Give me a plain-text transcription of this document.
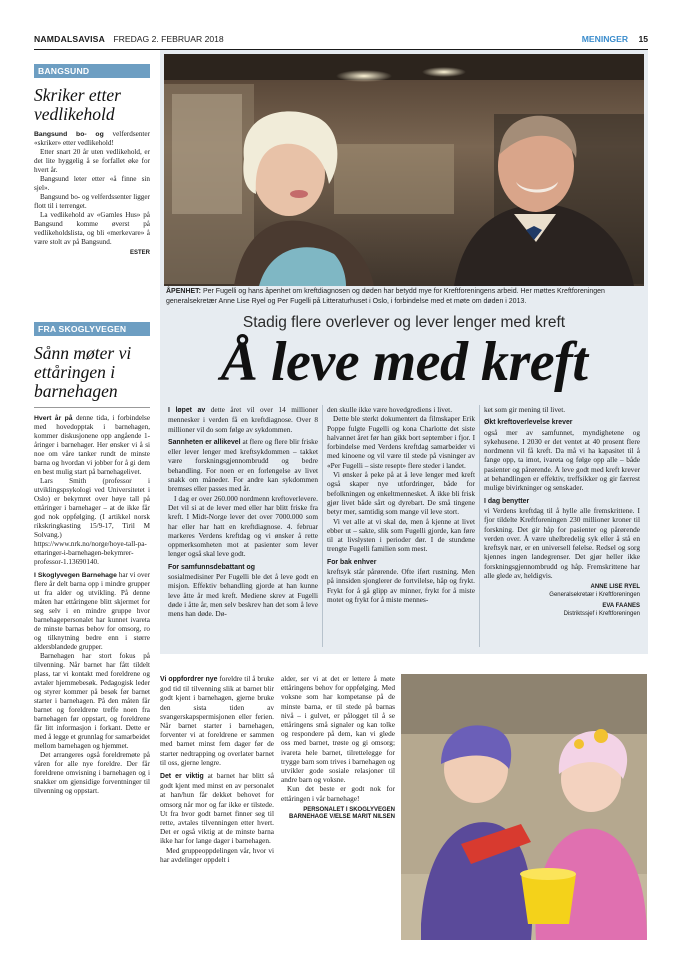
NAMDALSAVISA FREDAG 2. FEBRUAR 2018	MENINGER 15
BANGSUND
Skriker etter vedlikehold

Bangsund bo- og velferdsenter «skriker» etter vedlikehold!

Etter snart 20 år uten vedlikehold, er det lite hyggelig å se forfallet øke for hvert år.

Bangsund leter etter «å finne sin sjel».

Bangsund bo- og velferdssenter ligger flott til i terrenget.

La vedlikehold av «Gamles Hus» på Bangsund komme øverst på vedlikeholdslista, og bli «merkevare» å være stolt av på Bangsund.

ESTER
FRA SKOGLYVEGEN
Sånn møter vi ettåringen i barnehagen

Hvert år på denne tida, i forbindelse med hovedopptak i barnehagen, kommer diskusjonene opp angående 1-åringer i barnehager. Her ønsker vi å si noe om våre tanker rundt de minste barna og hvordan vi jobber for å gi dem en best mulig start på barnehagelivet.

Lars Smith (professor i utviklingspsykologi ved Universitetet i Oslo) er bekymret over høye tall på ettåringer i barnehager – at de ikke får god nok oppfølging. (I artikkel norsk rikskringkasting 15/9-17, Tiril M Solvang.) https://www.nrk.no/norge/hoye-tall-pa-ettaringer-i-barnehagen-bekymrer-professor-1.13690140.

I Skoglyvegen Barnehage har vi over flere år delt barna opp i mindre grupper ut fra alder og utvikling. På denne måten har ettåringene blitt skjermet for seg selv i en mindre gruppe hvor barnehagepersonalet har kunnet ivareta de minste barnas behov for omsorg, ro og tilknytning bedre enn i større aldersblandede grupper.

Barnehagen har stort fokus på tilvenning. Når barnet har fått tildelt plass, tar vi kontakt med foreldrene og avtaler hjemmebesøk. Pedagogisk leder og styrer kommer på besøk før barnet starter i barnehagen. På den måten får barnet og foreldrene treffe noen fra barnehagen før oppstart, og foreldrene får litt informasjon i forkant. Dette er med å legge et grunnlag for samarbeidet mellom barnehagen og hjemmet.

Det arrangeres også foreldremøte på våren for alle nye foreldre. Der får foreldrene omvisning i barnehagen og i snakker om gjensidige forventninger til tilvenning og oppstart.

ÅPENHET: Per Fugelli og hans åpenhet om kreftdiagnosen og døden har betydd mye for Kreftforeningens arbeid. Her møttes Kreftforeningen generalsekretær Anne Lise Ryel og Per Fugelli på Litteraturhuset i Oslo, i forbindelse med et møte om døden i 2013.
Stadig flere overlever og lever lenger med kreft
Å leve med kreft

I løpet av dette året vil over 14 millioner mennesker i verden få en kreftdiagnose. Over 8 millioner vil do som følge av sykdommen.

Sannheten er allikevel at flere og flere blir friske eller lever lenger med kreftsykdommen – takket være forskningsgjennombrudd og bedre behandling. For noen er en forlengelse av livet snakk om måneder. For andre kan sykdommen bremses eller passes med år.

I dag er over 260.000 nordmenn kreftoverlevere. Det vil si at de lever med eller har blitt friske fra kreft. I Midt-Norge lever det over 7000.000 som har eller har hatt en kreftdiagnose. 4. februar markeres Verdens kreftdag og vi ønsker å rette oppmerksomheten mot at pasienter som lever lenger også skal leve godt.

For samfunnsdebattant og
sosialmedisiner Per Fugelli ble det å leve godt en misjon. Effektiv behandling gjorde at han kunne leve åtte år med kreft. Mediene skrev at Fugelli døde i åtte år, men selv beskrev han det som å leve mens han døde. Dø-

den skulle ikke være hovedgrediens i livet.

Dette ble sterkt dokumentert da filmskaper Erik Poppe fulgte Fugelli og kona Charlotte det siste halvannet året før han gikk bort september i fjor. I forbindelse med Verdens kreftdag samarbeider vi med kinoene og vil være til stede på visninger av «Per Fugelli – siste resept» flere steder i landet.

Vi ønsker å peke på at å leve lenger med kreft også skaper nye utfordringer, både for befolkningen og enkeltmennesket. Å ikke bli frisk gjør livet både sårt og dyrebart. De små tingene betyr mer, samtidig som mange vil leve stort.

Vi vet alle at vi skal dø, men å kjenne at livet ebber ut – sakte, slik som Fugelli gjorde, kan føre til at livslysten i perioder dør. I de stundene trengte Fugelli familien som mest.

For bak enhver
kreftsyk står pårørende. Ofte iført rustning. Men på innsiden sjonglerer de fortvilelse, håp og frykt. Frykt for å gå glipp av minner, frykt for å miste motet og frykt for å miste mennes-

ket som gir mening til livet.

Økt kreftoverlevelse krever
også mer av samfunnet, myndighetene og sykehusene. I 2030 er det ventet at 40 prosent flere nordmenn vil få kreft. Da må vi ha kapasitet til å fange opp, ta imot, ivareta og følge opp alle – både pasienter og pårørende. Å leve godt med kreft krever at behandlingen er effektiv, treffsikker og gir færrest mulige bivirkninger og senskader.

I dag benytter
vi Verdens kreftdag til å hylle alle fremskrittene. I fjor tildelte Kreftforeningen 230 millioner kroner til forskning. Det gir håp for pasienter og pårørende verden over. Å være uhelbredelig syk eller å stå en kreftsyk nær, er en universell følelse. Redsel og sorg kjennes ingen landegrenser. Det gjør heller ikke forskningsgjennombrudd og håp. Fremskrittene har alle glede av, heldigvis.

ANNE LISE RYEL
Generalsekretær i Kreftforeningen
EVA FAANES
Distriktssjef i Kreftforeningen

Vi oppfordrer nye foreldre til å bruke god tid til tilvenning slik at barnet blir godt kjent i barnehagen, gjerne bruke den sista tiden av svangerskapspermisjonen eller ferien. Når barnet starter i barnehagen, forventer vi at foreldrene er sammen med barnet minst fem dager før de starter nedtrapping og overlater barnet til oss, gjerne lengre.

Det er viktig at barnet har blitt så godt kjent med minst en av personalet at han/hun får dekket behovet for omsorg når mor og far ikke er tilstede. Ut fra hvor godt barnet finner seg til rette, avtales tilvenningen etter hvert. Det er også viktig at de minste barna ikke har for lange dager i barnehagen.

Med gruppeoppdelingen vår, hvor vi har avdelinger oppdelt i

alder, ser vi at det er lettere å møte ettåringens behov for oppfølging. Med voksne som har kompetanse på de minste barna, er til stede på barnas nivå – i gulvet, er pålogget til å se ettåringens små signaler og kan tolke og respondere på dem, kan vi glede oss med barnet, trøste og gi omsorg; ivareta hele barnet, tilrettelegge for trygge barn som trives i barnehagen og utvikler gode sosiale relasjoner til andre barn og voksne.

Kun det beste er godt nok for ettåringen i vår barnehage!

PERSONALET I SKOGLYVEGEN BARNEHAGE V/ELSE MARIT NILSEN
